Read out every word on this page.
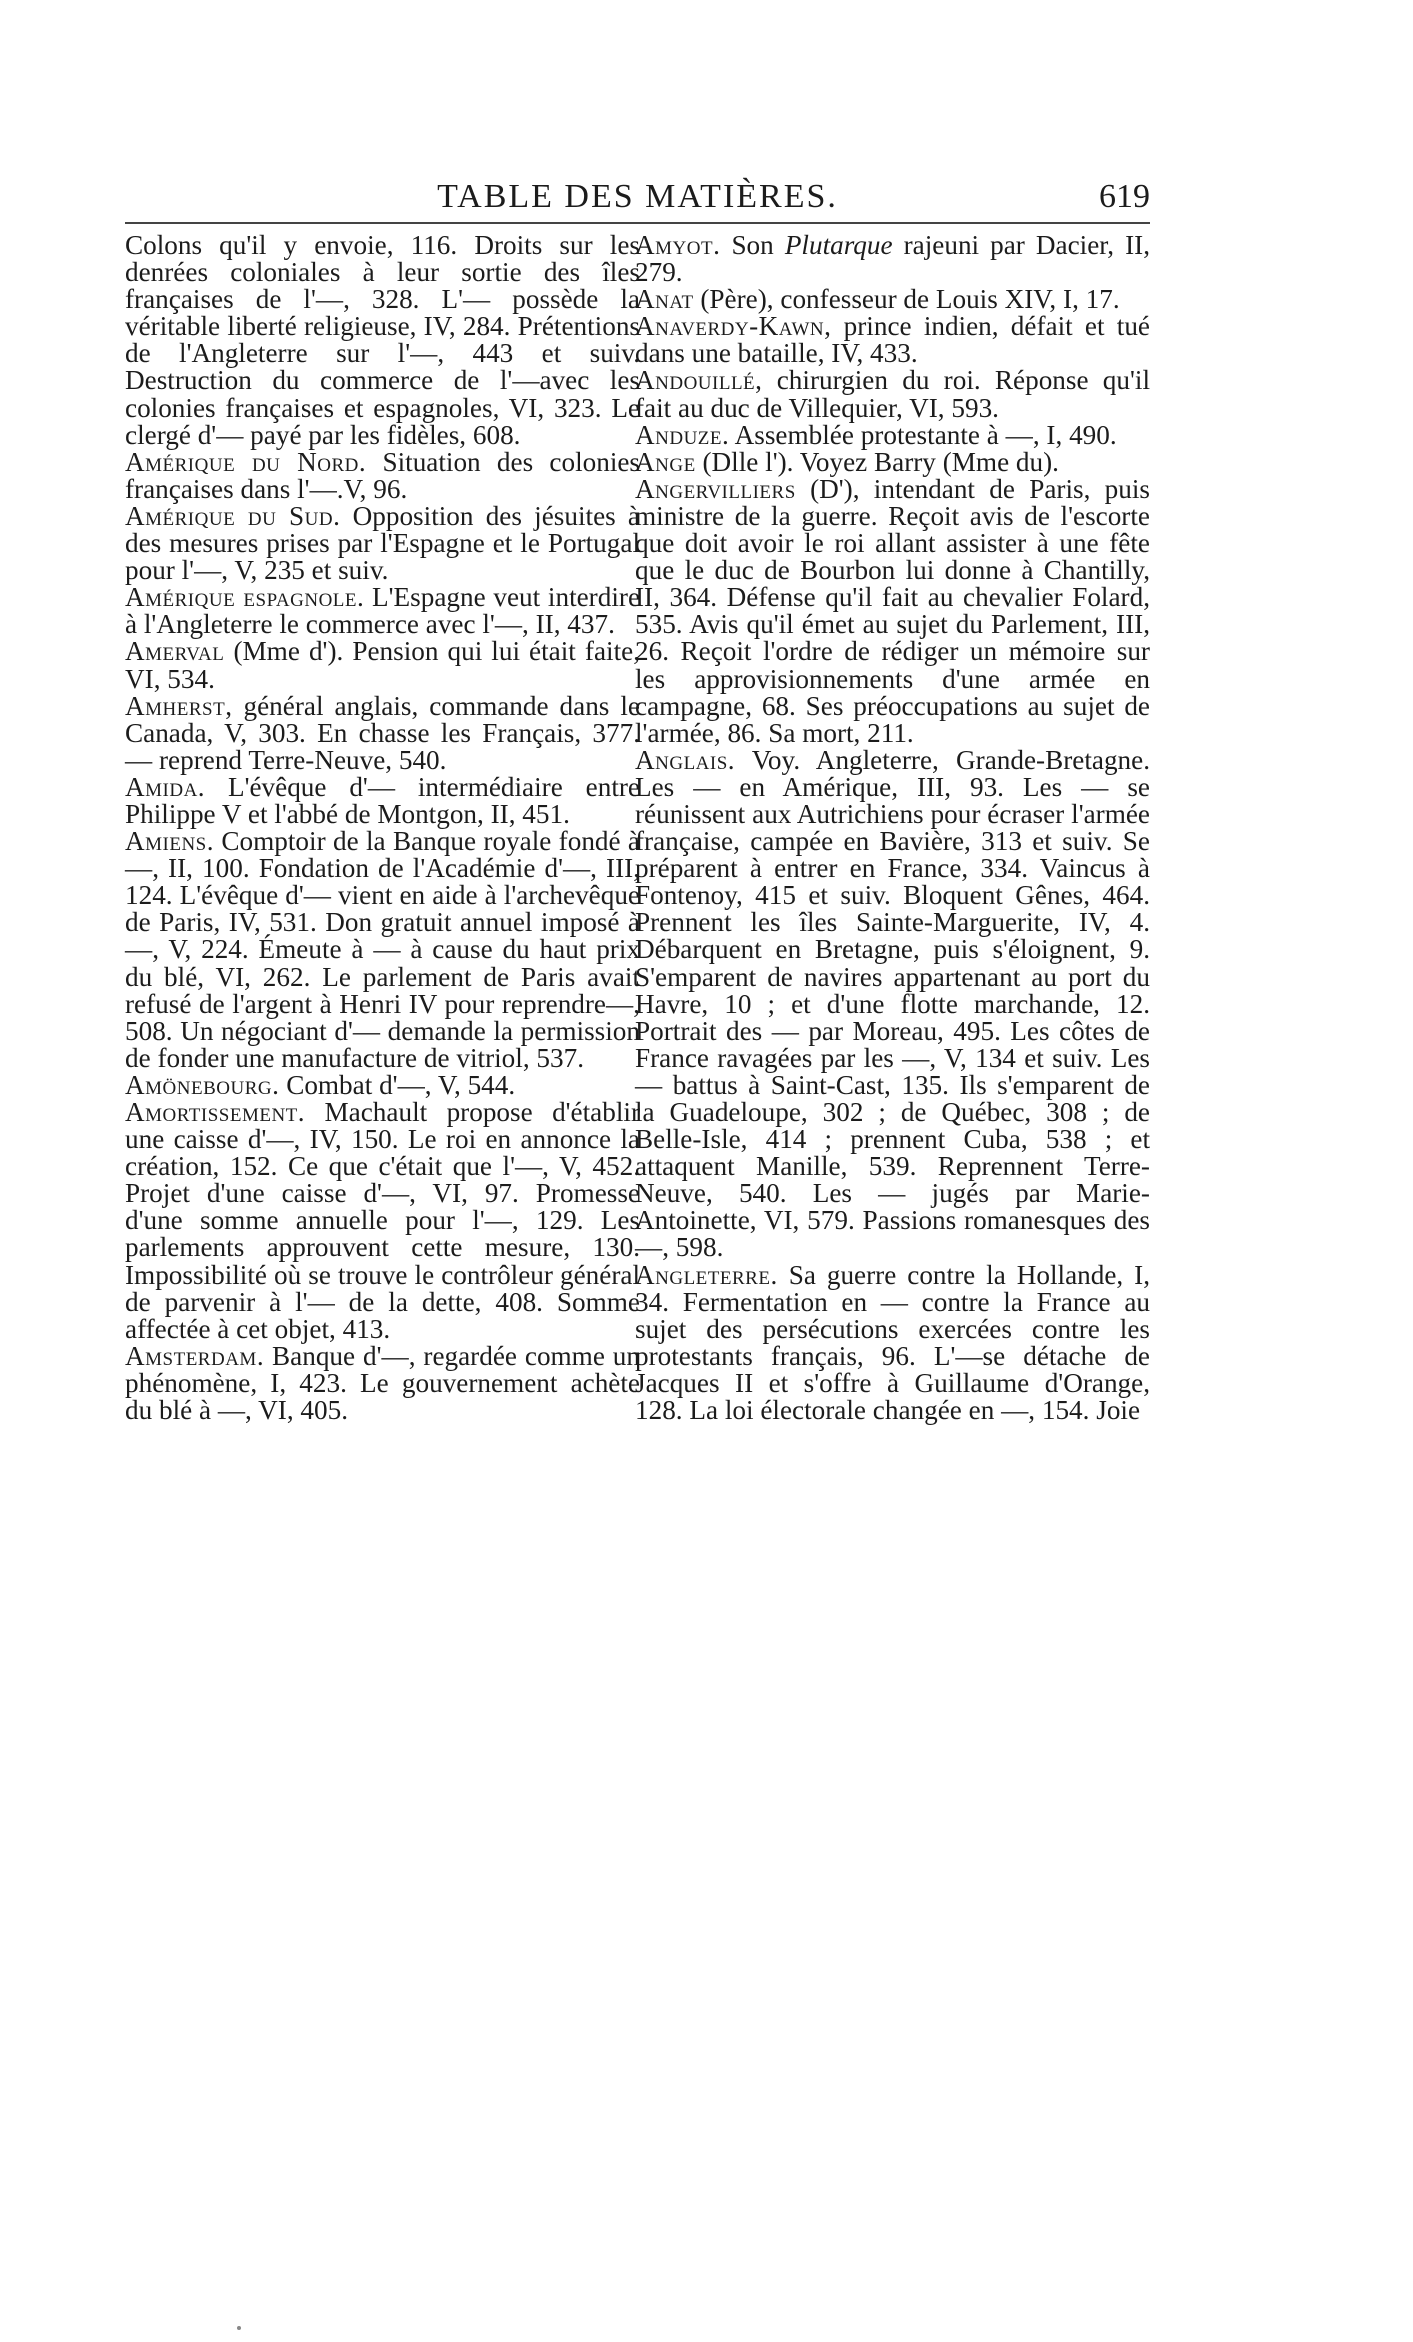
TABLE DES MATIÈRES.	619
Colons qu'il y envoie, 116. Droits sur les denrées coloniales à leur sortie des îles françaises de l'—, 328. L'— possède la véritable liberté religieuse, IV, 284. Prétentions de l'Angleterre sur l'—, 443 et suiv. Destruction du commerce de l'—avec les colonies françaises et espagnoles, VI, 323. Le clergé d'— payé par les fidèles, 608.
Amérique du Nord. Situation des colonies françaises dans l'—.V, 96.
Amérique du Sud. Opposition des jésuites à des mesures prises par l'Espagne et le Portugal pour l'—, V, 235 et suiv.
Amérique espagnole. L'Espagne veut interdire à l'Angleterre le commerce avec l'—, II, 437.
Amerval (Mme d'). Pension qui lui était faite, VI, 534.
Amherst, général anglais, commande dans le Canada, V, 303. En chasse les Français, 377. — reprend Terre-Neuve, 540.
Amida. L'évêque d'— intermédiaire entre Philippe V et l'abbé de Montgon, II, 451.
Amiens. Comptoir de la Banque royale fondé à —, II, 100. Fondation de l'Académie d'—, III, 124. L'évêque d'— vient en aide à l'archevêque de Paris, IV, 531. Don gratuit annuel imposé à —, V, 224. Émeute à — à cause du haut prix du blé, VI, 262. Le parlement de Paris avait refusé de l'argent à Henri IV pour reprendre—, 508. Un négociant d'— demande la permission de fonder une manufacture de vitriol, 537.
Amönebourg. Combat d'—, V, 544.
Amortissement. Machault propose d'établir une caisse d'—, IV, 150. Le roi en annonce la création, 152. Ce que c'était que l'—, V, 452. Projet d'une caisse d'—, VI, 97. Promesse d'une somme annuelle pour l'—, 129. Les parlements approuvent cette mesure, 130. Impossibilité où se trouve le contrôleur général de parvenir à l'— de la dette, 408. Somme affectée à cet objet, 413.
Amsterdam. Banque d'—, regardée comme un phénomène, I, 423. Le gouvernement achète du blé à —, VI, 405.
Amyot. Son Plutarque rajeuni par Dacier, II, 279.
Anat (Père), confesseur de Louis XIV, I, 17.
Anaverdy-Kawn, prince indien, défait et tué dans une bataille, IV, 433.
Andouillé, chirurgien du roi. Réponse qu'il fait au duc de Villequier, VI, 593.
Anduze. Assemblée protestante à —, I, 490.
Ange (Dlle l'). Voyez Barry (Mme du).
Angervilliers (D'), intendant de Paris, puis ministre de la guerre. Reçoit avis de l'escorte que doit avoir le roi allant assister à une fête que le duc de Bourbon lui donne à Chantilly, II, 364. Défense qu'il fait au chevalier Folard, 535. Avis qu'il émet au sujet du Parlement, III, 26. Reçoit l'ordre de rédiger un mémoire sur les approvisionnements d'une armée en campagne, 68. Ses préoccupations au sujet de l'armée, 86. Sa mort, 211.
Anglais. Voy. Angleterre, Grande-Bretagne. Les — en Amérique, III, 93. Les — se réunissent aux Autrichiens pour écraser l'armée française, campée en Bavière, 313 et suiv. Se préparent à entrer en France, 334. Vaincus à Fontenoy, 415 et suiv. Bloquent Gênes, 464. Prennent les îles Sainte-Marguerite, IV, 4. Débarquent en Bretagne, puis s'éloignent, 9. S'emparent de navires appartenant au port du Havre, 10 ; et d'une flotte marchande, 12. Portrait des — par Moreau, 495. Les côtes de France ravagées par les —, V, 134 et suiv. Les — battus à Saint-Cast, 135. Ils s'emparent de la Guadeloupe, 302 ; de Québec, 308 ; de Belle-Isle, 414 ; prennent Cuba, 538 ; et attaquent Manille, 539. Reprennent Terre-Neuve, 540. Les — jugés par Marie-Antoinette, VI, 579. Passions romanesques des —, 598.
Angleterre. Sa guerre contre la Hollande, I, 34. Fermentation en — contre la France au sujet des persécutions exercées contre les protestants français, 96. L'—se détache de Jacques II et s'offre à Guillaume d'Orange, 128. La loi électorale changée en —, 154. Joie
